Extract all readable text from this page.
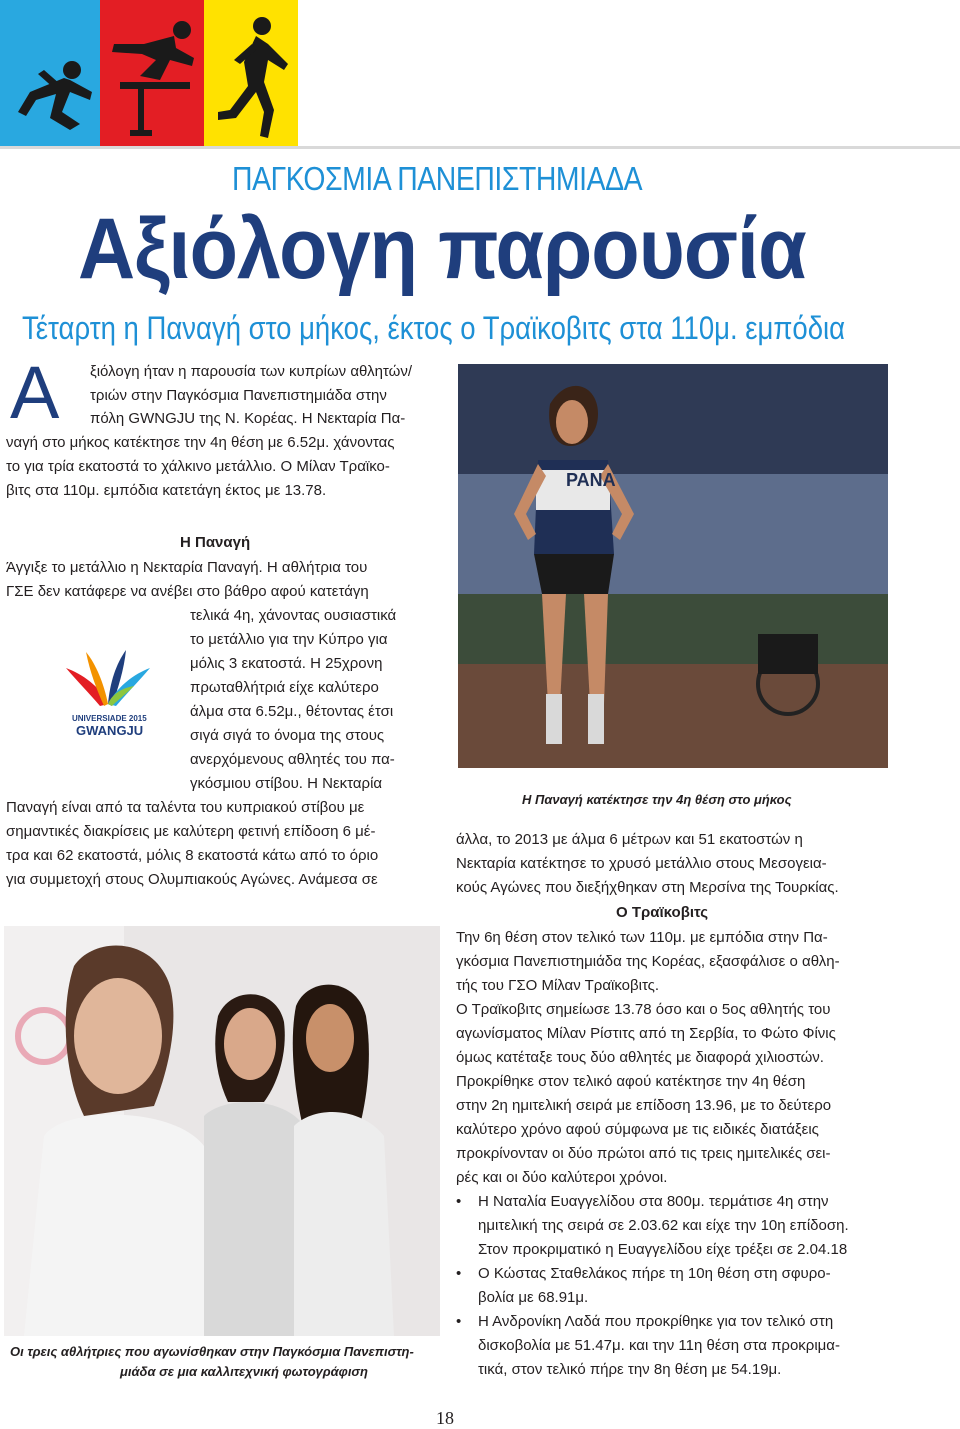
ΠΑΓΚΟΣΜΙΑ ΠΑΝΕΠΙΣΤΗΜΙΑΔΑ
Αξιόλογη παρουσία
Τέταρτη η Παναγή στο μήκος, έκτος ο Τραϊκοβιτς στα 110μ. εμπόδια
Α ξιόλογη ήταν η παρουσία των κυπρίων αθλητών/
τριών στην Παγκόσμια Πανεπιστημιάδα στην
πόλη GWNGJU της Ν. Κορέας. Η Νεκταρία Πα-
ναγή στο μήκος κατέκτησε την 4η θέση με 6.52μ. χάνοντας
το για τρία εκατοστά το χάλκινο μετάλλιο. Ο Μίλαν Τραϊκο-
βιτς στα 110μ. εμπόδια κατετάγη έκτος με 13.78.
Η Παναγή
Άγγιξε το μετάλλιο η Νεκταρία Παναγή. Η αθλήτρια του
ΓΣΕ δεν κατάφερε να ανέβει στο βάθρο αφού κατετάγη
UNIVERSIADE 2015
GWANGJU
τελικά 4η, χάνοντας ουσιαστικά
το μετάλλιο για την Κύπρο για
μόλις 3 εκατοστά. Η 25χρονη
πρωταθλήτριά είχε καλύτερο
άλμα στα 6.52μ., θέτοντας έτσι
σιγά σιγά το όνομα της στους
ανερχόμενους αθλητές του πα-
γκόσμιου στίβου. Η Νεκταρία
Παναγή είναι από τα ταλέντα του κυπριακού στίβου με
σημαντικές διακρίσεις με καλύτερη φετινή επίδοση 6 μέ-
τρα και 62 εκατοστά, μόλις 8 εκατοστά κάτω από το όριο
για συμμετοχή στους Ολυμπιακούς Αγώνες. Ανάμεσα σε
PANA
Η Παναγή κατέκτησε την 4η θέση στο μήκος
άλλα, το 2013 με άλμα 6 μέτρων και 51 εκατοστών η
Νεκταρία κατέκτησε το χρυσό μετάλλιο στους Μεσογεια-
κούς Αγώνες που διεξήχθηκαν στη Μερσίνα της Τουρκίας.
Ο Τραϊκοβιτς
Την 6η θέση στον τελικό των 110μ. με εμπόδια στην Πα-
γκόσμια Πανεπιστημιάδα της Κορέας, εξασφάλισε ο αθλη-
τής του ΓΣΟ Μίλαν Τραϊκοβιτς.
Ο Τραϊκοβιτς σημείωσε 13.78 όσο και ο 5ος αθλητής του
αγωνίσματος Μίλαν Ρίστιτς από τη Σερβία, το Φώτο Φίνις
όμως κατέταξε τους δύο αθλητές με διαφορά χιλιοστών.
Προκρίθηκε στον τελικό αφού κατέκτησε την 4η θέση
στην 2η ημιτελική σειρά με επίδοση 13.96, με το δεύτερο
καλύτερο χρόνο αφού σύμφωνα με τις ειδικές διατάξεις
προκρίνονταν οι δύο πρώτοι από τις τρεις ημιτελικές σει-
ρές και οι δύο καλύτεροι χρόνοι.
• Η Ναταλία Ευαγγελίδου στα 800μ. τερμάτισε 4η στην
ημιτελική της σειρά σε 2.03.62 και είχε την 10η επίδοση.
Στον προκριματικό η Ευαγγελίδου είχε τρέξει σε 2.04.18
• Ο Κώστας Σταθελάκος πήρε τη 10η θέση στη σφυρο-
βολία με 68.91μ.
• Η Ανδρονίκη Λαδά που προκρίθηκε για τον τελικό στη
δισκοβολία με 51.47μ. και την 11η θέση στα προκριμα-
τικά, στον τελικό πήρε την 8η θέση με 54.19μ.
Οι τρεις αθλήτριες που αγωνίσθηκαν στην Παγκόσμια Πανεπιστη-
μιάδα σε μια καλλιτεχνική φωτογράφιση
18
